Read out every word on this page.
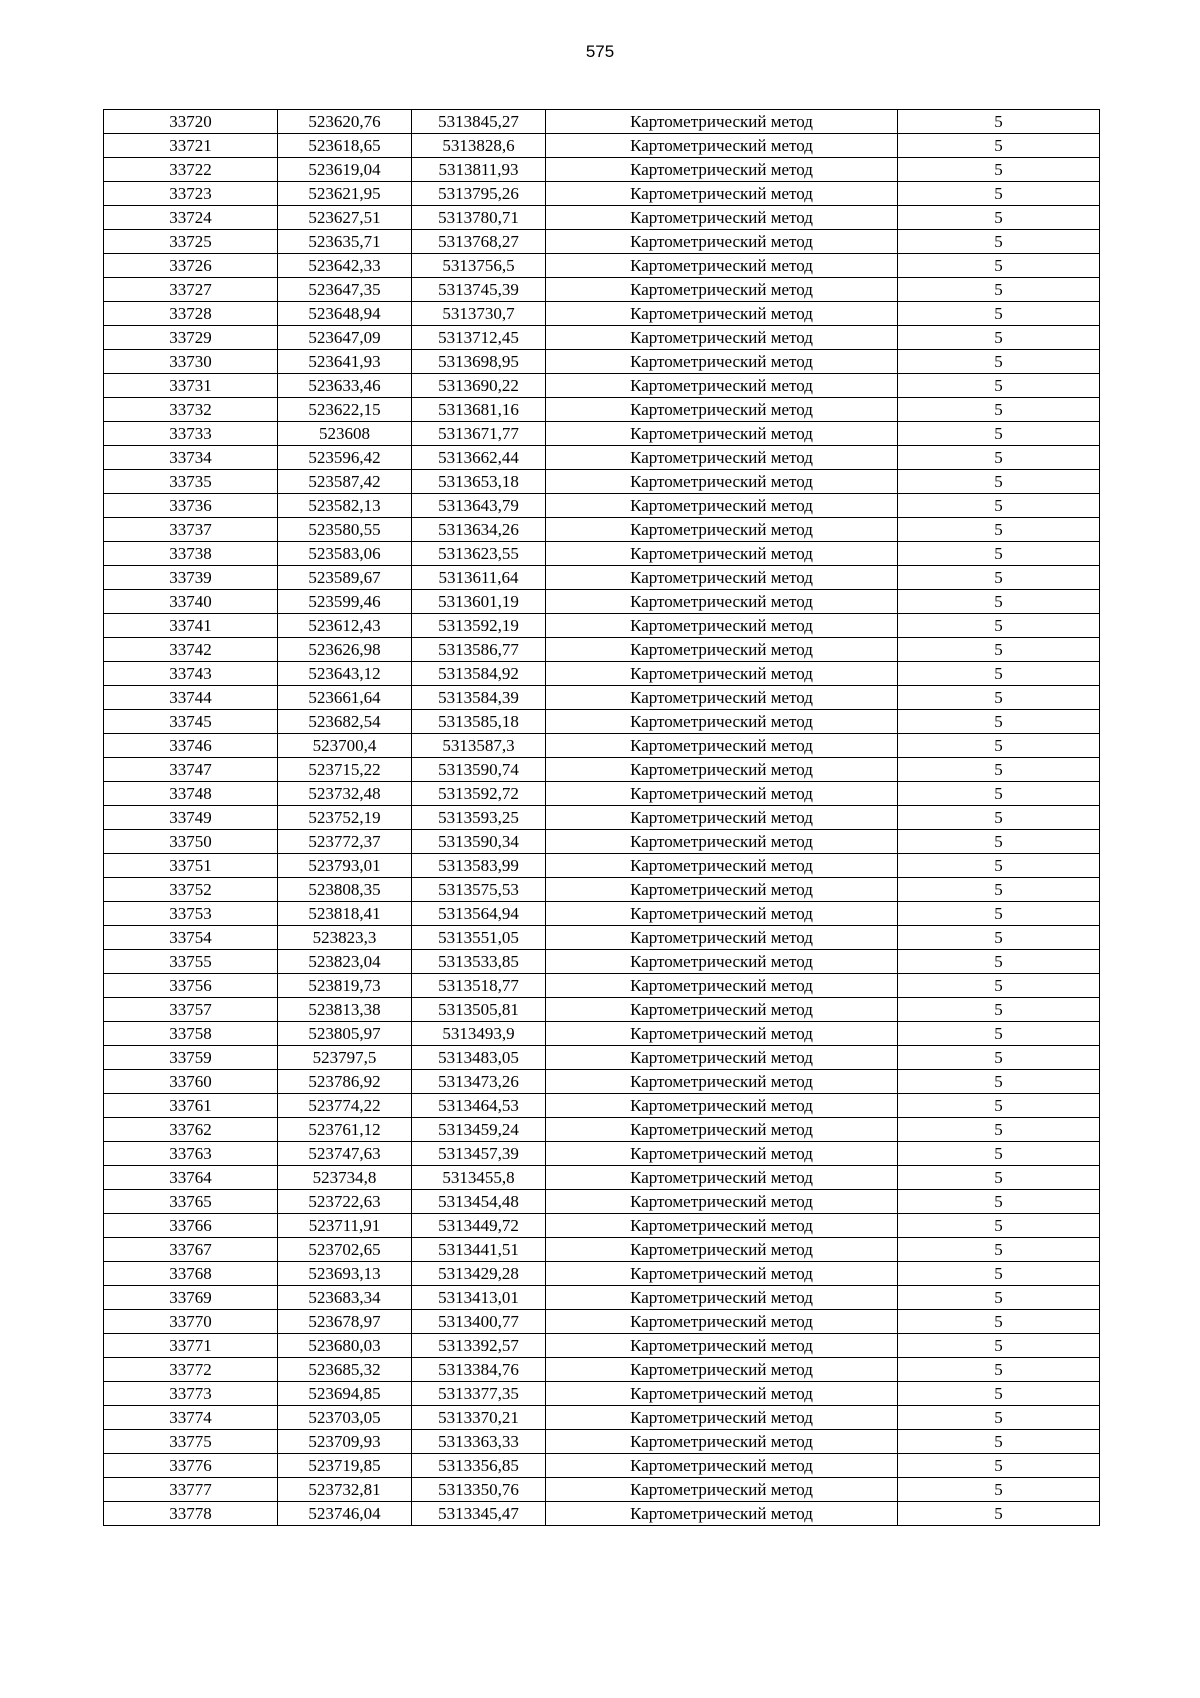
575
33720	523620,76	5313845,27	Картометрический метод	5
33721	523618,65	5313828,6	Картометрический метод	5
33722	523619,04	5313811,93	Картометрический метод	5
33723	523621,95	5313795,26	Картометрический метод	5
33724	523627,51	5313780,71	Картометрический метод	5
33725	523635,71	5313768,27	Картометрический метод	5
33726	523642,33	5313756,5	Картометрический метод	5
33727	523647,35	5313745,39	Картометрический метод	5
33728	523648,94	5313730,7	Картометрический метод	5
33729	523647,09	5313712,45	Картометрический метод	5
33730	523641,93	5313698,95	Картометрический метод	5
33731	523633,46	5313690,22	Картометрический метод	5
33732	523622,15	5313681,16	Картометрический метод	5
33733	523608	5313671,77	Картометрический метод	5
33734	523596,42	5313662,44	Картометрический метод	5
33735	523587,42	5313653,18	Картометрический метод	5
33736	523582,13	5313643,79	Картометрический метод	5
33737	523580,55	5313634,26	Картометрический метод	5
33738	523583,06	5313623,55	Картометрический метод	5
33739	523589,67	5313611,64	Картометрический метод	5
33740	523599,46	5313601,19	Картометрический метод	5
33741	523612,43	5313592,19	Картометрический метод	5
33742	523626,98	5313586,77	Картометрический метод	5
33743	523643,12	5313584,92	Картометрический метод	5
33744	523661,64	5313584,39	Картометрический метод	5
33745	523682,54	5313585,18	Картометрический метод	5
33746	523700,4	5313587,3	Картометрический метод	5
33747	523715,22	5313590,74	Картометрический метод	5
33748	523732,48	5313592,72	Картометрический метод	5
33749	523752,19	5313593,25	Картометрический метод	5
33750	523772,37	5313590,34	Картометрический метод	5
33751	523793,01	5313583,99	Картометрический метод	5
33752	523808,35	5313575,53	Картометрический метод	5
33753	523818,41	5313564,94	Картометрический метод	5
33754	523823,3	5313551,05	Картометрический метод	5
33755	523823,04	5313533,85	Картометрический метод	5
33756	523819,73	5313518,77	Картометрический метод	5
33757	523813,38	5313505,81	Картометрический метод	5
33758	523805,97	5313493,9	Картометрический метод	5
33759	523797,5	5313483,05	Картометрический метод	5
33760	523786,92	5313473,26	Картометрический метод	5
33761	523774,22	5313464,53	Картометрический метод	5
33762	523761,12	5313459,24	Картометрический метод	5
33763	523747,63	5313457,39	Картометрический метод	5
33764	523734,8	5313455,8	Картометрический метод	5
33765	523722,63	5313454,48	Картометрический метод	5
33766	523711,91	5313449,72	Картометрический метод	5
33767	523702,65	5313441,51	Картометрический метод	5
33768	523693,13	5313429,28	Картометрический метод	5
33769	523683,34	5313413,01	Картометрический метод	5
33770	523678,97	5313400,77	Картометрический метод	5
33771	523680,03	5313392,57	Картометрический метод	5
33772	523685,32	5313384,76	Картометрический метод	5
33773	523694,85	5313377,35	Картометрический метод	5
33774	523703,05	5313370,21	Картометрический метод	5
33775	523709,93	5313363,33	Картометрический метод	5
33776	523719,85	5313356,85	Картометрический метод	5
33777	523732,81	5313350,76	Картометрический метод	5
33778	523746,04	5313345,47	Картометрический метод	5
